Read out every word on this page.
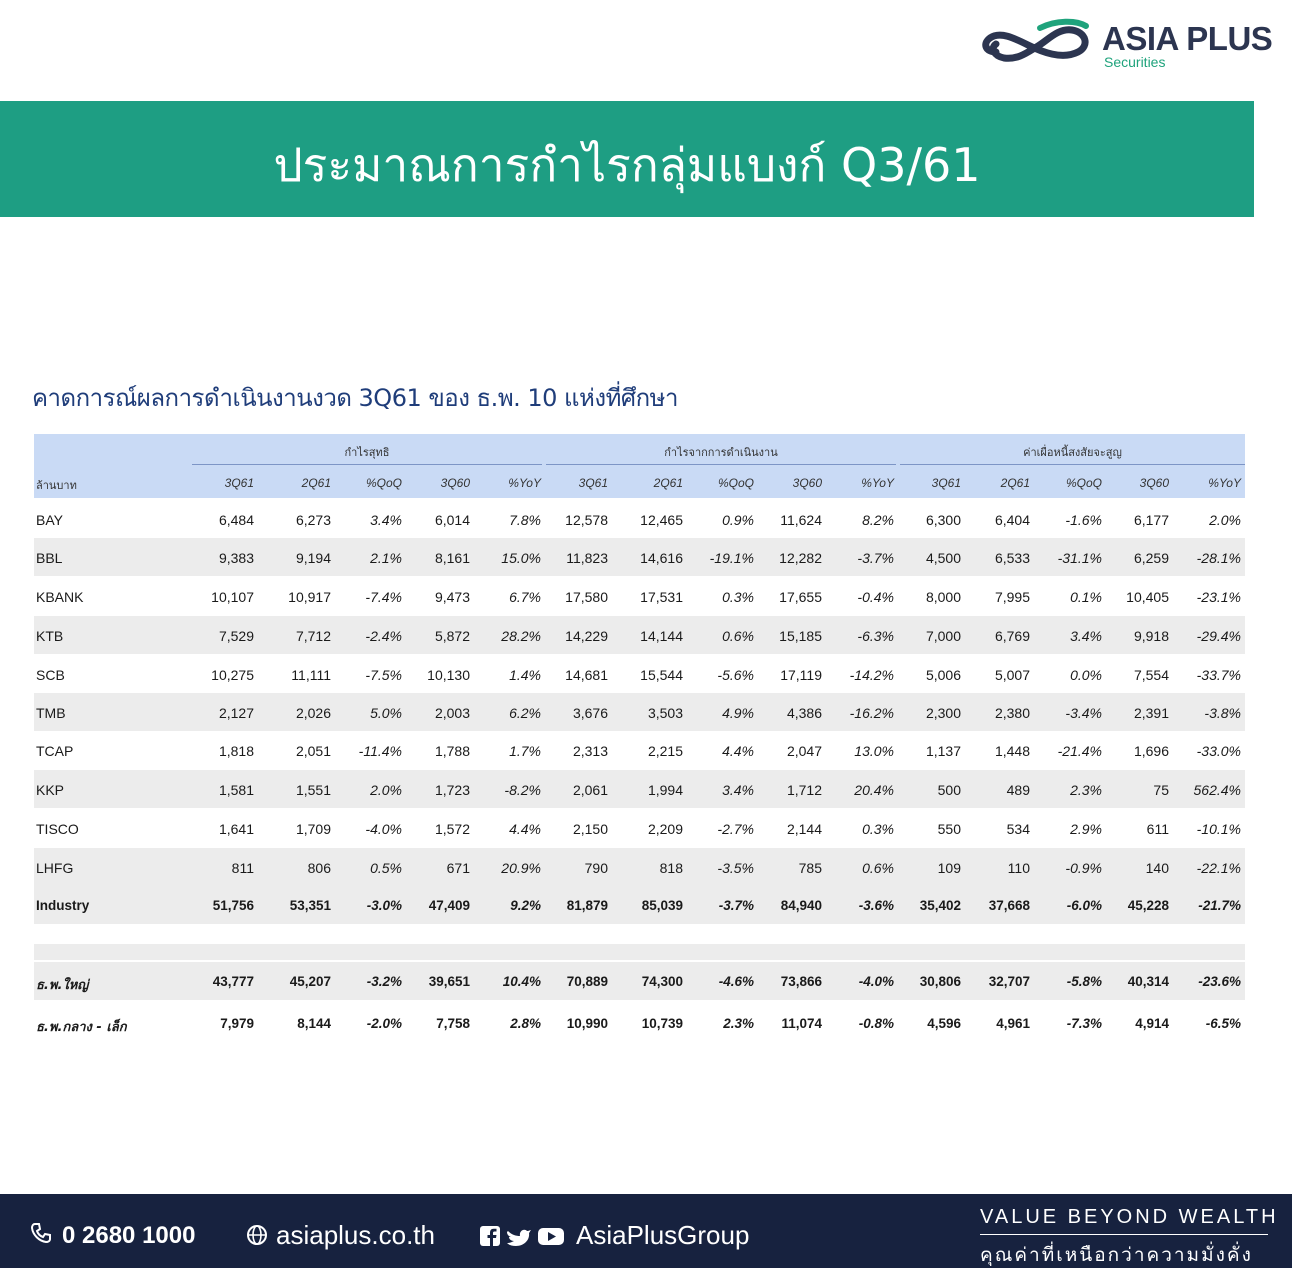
ASIA PLUS
Securities
ประมาณการกำไรกลุ่มแบงก์ Q3/61
คาดการณ์ผลการดำเนินงานงวด 3Q61 ของ ธ.พ. 10 แห่งที่ศึกษา
กำไรสุทธิ	กำไรจากการดำเนินงาน	ค่าเผื่อหนี้สงสัยจะสูญ
ล้านบาท	3Q61	2Q61	%QoQ	3Q60	%YoY	3Q61	2Q61	%QoQ	3Q60	%YoY	3Q61	2Q61	%QoQ	3Q60	%YoY
BAY	6,484	6,273	3.4%	6,014	7.8%	12,578	12,465	0.9%	11,624	8.2%	6,300	6,404	-1.6%	6,177	2.0%
BBL	9,383	9,194	2.1%	8,161	15.0%	11,823	14,616	-19.1%	12,282	-3.7%	4,500	6,533	-31.1%	6,259	-28.1%
KBANK	10,107	10,917	-7.4%	9,473	6.7%	17,580	17,531	0.3%	17,655	-0.4%	8,000	7,995	0.1%	10,405	-23.1%
KTB	7,529	7,712	-2.4%	5,872	28.2%	14,229	14,144	0.6%	15,185	-6.3%	7,000	6,769	3.4%	9,918	-29.4%
SCB	10,275	11,111	-7.5%	10,130	1.4%	14,681	15,544	-5.6%	17,119	-14.2%	5,006	5,007	0.0%	7,554	-33.7%
TMB	2,127	2,026	5.0%	2,003	6.2%	3,676	3,503	4.9%	4,386	-16.2%	2,300	2,380	-3.4%	2,391	-3.8%
TCAP	1,818	2,051	-11.4%	1,788	1.7%	2,313	2,215	4.4%	2,047	13.0%	1,137	1,448	-21.4%	1,696	-33.0%
KKP	1,581	1,551	2.0%	1,723	-8.2%	2,061	1,994	3.4%	1,712	20.4%	500	489	2.3%	75	562.4%
TISCO	1,641	1,709	-4.0%	1,572	4.4%	2,150	2,209	-2.7%	2,144	0.3%	550	534	2.9%	611	-10.1%
LHFG	811	806	0.5%	671	20.9%	790	818	-3.5%	785	0.6%	109	110	-0.9%	140	-22.1%
Industry	51,756	53,351	-3.0%	47,409	9.2%	81,879	85,039	-3.7%	84,940	-3.6%	35,402	37,668	-6.0%	45,228	-21.7%
ธ.พ.ใหญ่	43,777	45,207	-3.2%	39,651	10.4%	70,889	74,300	-4.6%	73,866	-4.0%	30,806	32,707	-5.8%	40,314	-23.6%
ธ.พ.กลาง - เล็ก	7,979	8,144	-2.0%	7,758	2.8%	10,990	10,739	2.3%	11,074	-0.8%	4,596	4,961	-7.3%	4,914	-6.5%
0 2680 1000	asiaplus.co.th	AsiaPlusGroup
VALUE BEYOND WEALTH
คุณค่าที่เหนือกว่าความมั่งคั่ง
